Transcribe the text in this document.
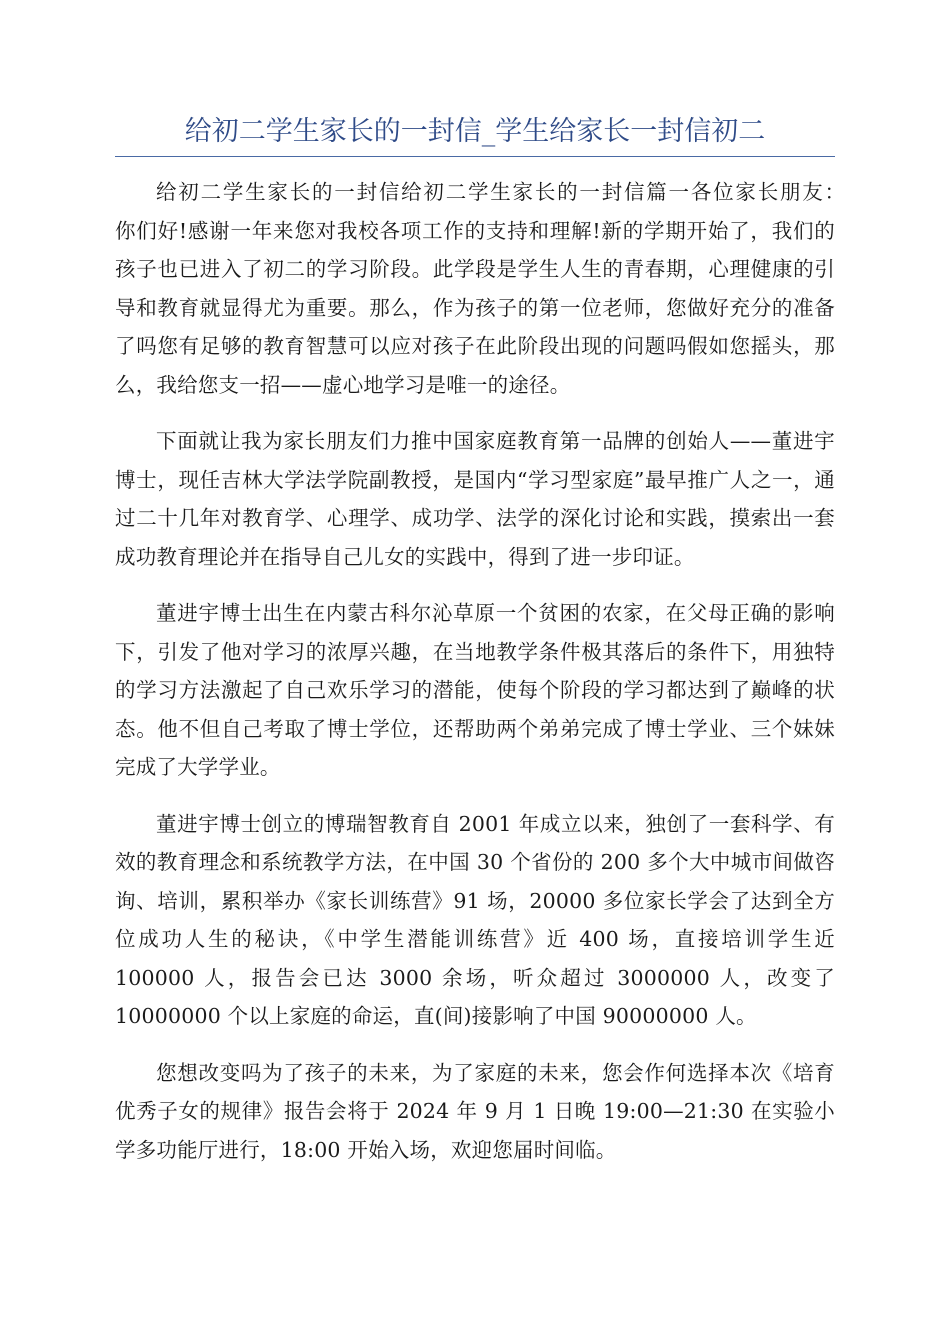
给初二学生家长的一封信_学生给家长一封信初二

给初二学生家长的一封信给初二学生家长的一封信篇一各位家长朋友：　　你们好!感谢一年来您对我校各项工作的支持和理解!新的学期开始了，我们的孩子也已进入了初二的学习阶段。此学段是学生人生的青春期，心理健康的引导和教育就显得尤为重要。那么，作为孩子的第一位老师，您做好充分的准备了吗您有足够的教育智慧可以应对孩子在此阶段出现的问题吗假如您摇头，那么，我给您支一招——虚心地学习是唯一的途径。

下面就让我为家长朋友们力推中国家庭教育第一品牌的创始人——董进宇博士，现任吉林大学法学院副教授，是国内“学习型家庭”最早推广人之一，通过二十几年对教育学、心理学、成功学、法学的深化讨论和实践，摸索出一套成功教育理论并在指导自己儿女的实践中，得到了进一步印证。

董进宇博士出生在内蒙古科尔沁草原一个贫困的农家，在父母正确的影响下，引发了他对学习的浓厚兴趣，在当地教学条件极其落后的条件下，用独特的学习方法激起了自己欢乐学习的潜能，使每个阶段的学习都达到了巅峰的状态。他不但自己考取了博士学位，还帮助两个弟弟完成了博士学业、三个妹妹完成了大学学业。

董进宇博士创立的博瑞智教育自 2001 年成立以来，独创了一套科学、有效的教育理念和系统教学方法，在中国 30 个省份的 200 多个大中城市间做咨询、培训，累积举办《家长训练营》91 场，20000 多位家长学会了达到全方位成功人生的秘诀，《中学生潜能训练营》近 400 场，直接培训学生近 100000 人，报告会已达 3000 余场，听众超过 3000000 人，改变了 10000000 个以上家庭的命运，直(间)接影响了中国 90000000 人。

您想改变吗为了孩子的未来，为了家庭的未来，您会作何选择本次《培育优秀子女的规律》报告会将于 2024 年 9 月 1 日晚 19:00—21:30 在实验小学多功能厅进行，18:00 开始入场，欢迎您届时间临。
